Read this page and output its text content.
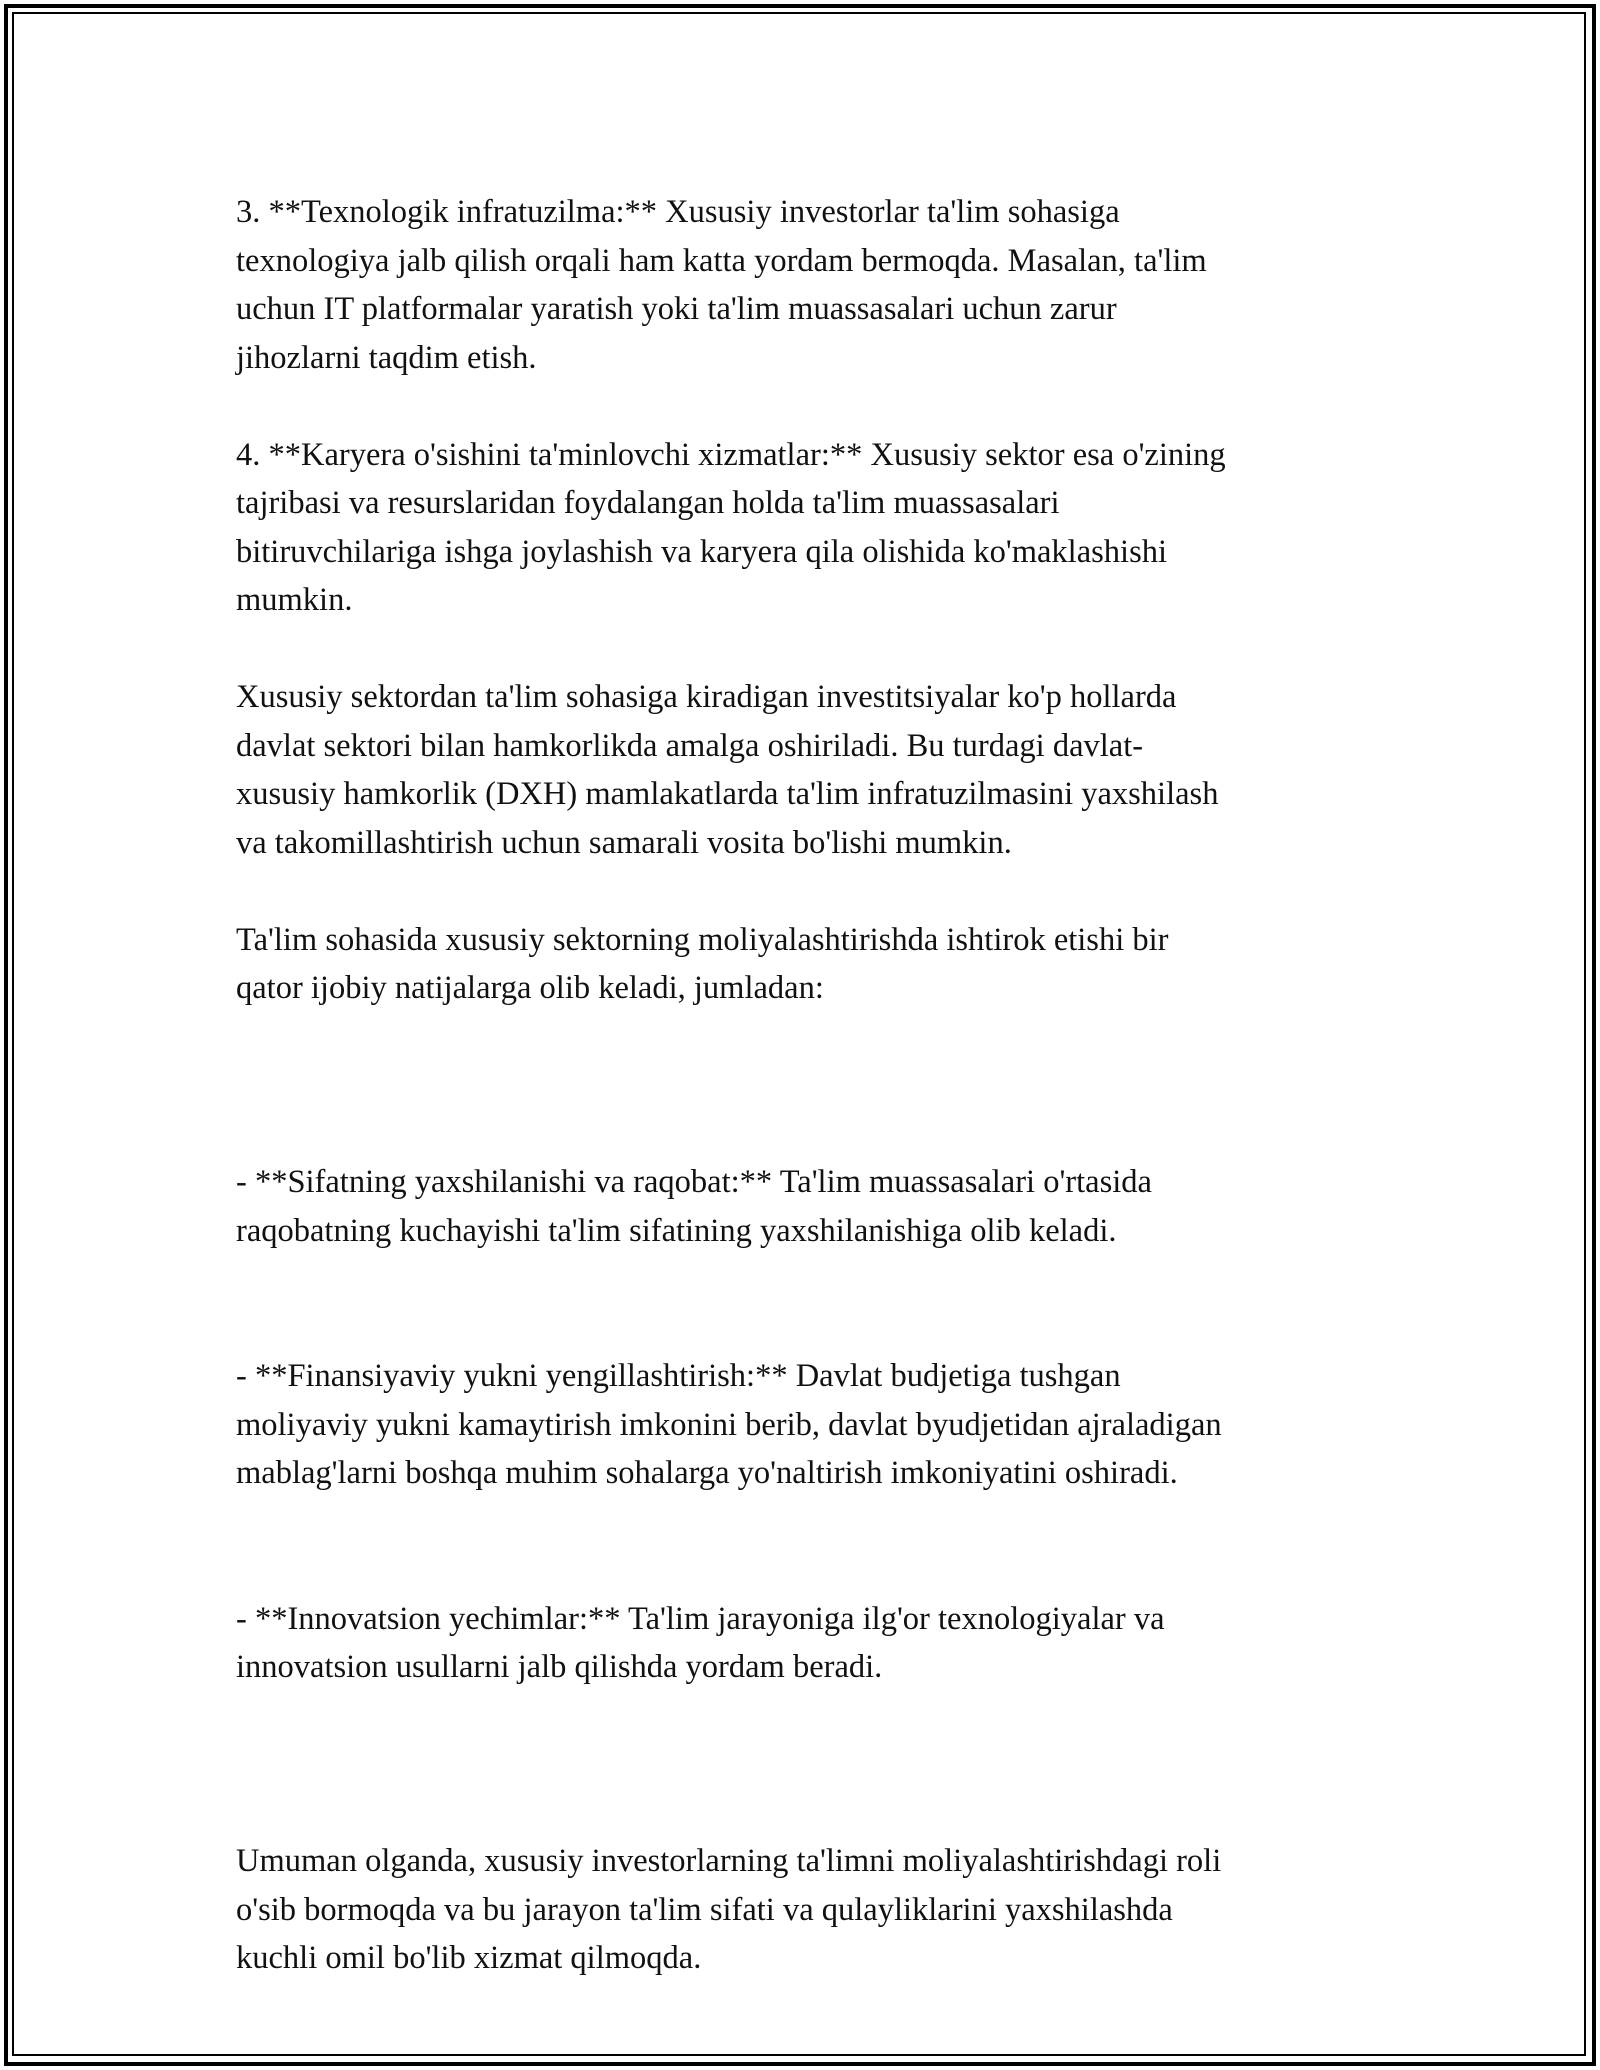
3. **Texnologik infratuzilma:** Xususiy investorlar ta'lim sohasiga
texnologiya jalb qilish orqali ham katta yordam bermoqda. Masalan, ta'lim
uchun IT platformalar yaratish yoki ta'lim muassasalari uchun zarur
jihozlarni taqdim etish.

4. **Karyera o'sishini ta'minlovchi xizmatlar:** Xususiy sektor esa o'zining
tajribasi va resurslaridan foydalangan holda ta'lim muassasalari
bitiruvchilariga ishga joylashish va karyera qila olishida ko'maklashishi
mumkin.

Xususiy sektordan ta'lim sohasiga kiradigan investitsiyalar ko'p hollarda
davlat sektori bilan hamkorlikda amalga oshiriladi. Bu turdagi davlat-
xususiy hamkorlik (DXH) mamlakatlarda ta'lim infratuzilmasini yaxshilash
va takomillashtirish uchun samarali vosita bo'lishi mumkin.

Ta'lim sohasida xususiy sektorning moliyalashtirishda ishtirok etishi bir
qator ijobiy natijalarga olib keladi, jumladan:

- **Sifatning yaxshilanishi va raqobat:** Ta'lim muassasalari o'rtasida
raqobatning kuchayishi ta'lim sifatining yaxshilanishiga olib keladi.

- **Finansiyaviy yukni yengillashtirish:** Davlat budjetiga tushgan
moliyaviy yukni kamaytirish imkonini berib, davlat byudjetidan ajraladigan
mablag'larni boshqa muhim sohalarga yo'naltirish imkoniyatini oshiradi.

- **Innovatsion yechimlar:** Ta'lim jarayoniga ilg'or texnologiyalar va
innovatsion usullarni jalb qilishda yordam beradi.

Umuman olganda, xususiy investorlarning ta'limni moliyalashtirishdagi roli
o'sib bormoqda va bu jarayon ta'lim sifati va qulayliklarini yaxshilashda
kuchli omil bo'lib xizmat qilmoqda.
